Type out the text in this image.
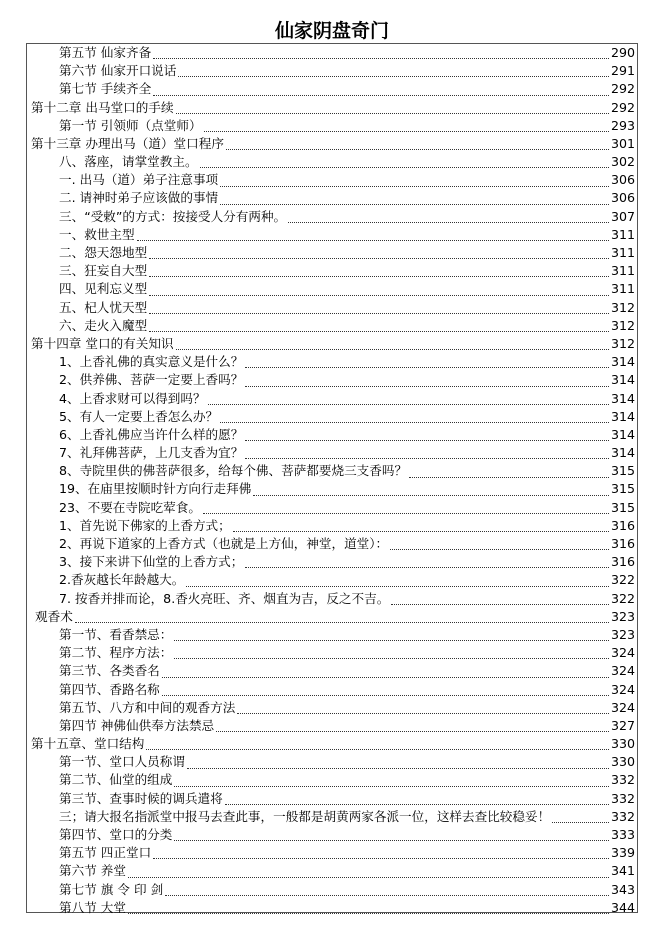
仙家阴盘奇门
第五节 仙家齐备	290
第六节 仙家开口说话	291
第七节 手续齐全	292
第十二章 出马堂口的手续	292
第一节 引领师（点堂师）	293
第十三章 办理出马（道）堂口程序	301
八、落座，请掌堂教主。	302
一. 出马（道）弟子注意事项	306
二. 请神时弟子应该做的事情	306
三、“受敕”的方式：按接受人分有两种。	307
一、救世主型	311
二、怨天怨地型	311
三、狂妄自大型	311
四、见利忘义型	311
五、杞人忧天型	312
六、走火入魔型	312
第十四章 堂口的有关知识	312
1、上香礼佛的真实意义是什么？	314
2、供养佛、菩萨一定要上香吗？	314
4、上香求财可以得到吗？	314
5、有人一定要上香怎么办？	314
6、上香礼佛应当许什么样的愿？	314
7、礼拜佛菩萨，上几支香为宜？	314
8、寺院里供的佛菩萨很多，给每个佛、菩萨都要烧三支香吗？	315
19、在庙里按顺时针方向行走拜佛	315
23、不要在寺院吃荤食。	315
1、首先说下佛家的上香方式；	316
2、再说下道家的上香方式（也就是上方仙，神堂，道堂）：	316
3、接下来讲下仙堂的上香方式；	316
2.香灰越长年龄越大。	322
7. 按香并排而论，8.香火亮旺、齐、烟直为吉，反之不吉。	322
观香术	323
第一节、看香禁忌：	323
第二节、程序方法：	324
第三节、各类香名	324
第四节、香路名称	324
第五节、八方和中间的观香方法	324
第四节 神佛仙供奉方法禁忌	327
第十五章、堂口结构	330
第一节、堂口人员称谓	330
第二节、仙堂的组成	332
第三节、查事时候的调兵遣将	332
三；请大报名指派堂中报马去查此事，一般都是胡黄两家各派一位，这样去查比较稳妥！	332
第四节、堂口的分类	333
第五节 四正堂口	339
第六节 养堂	341
第七节 旗 令 印 剑	343
第八节 大堂	344
